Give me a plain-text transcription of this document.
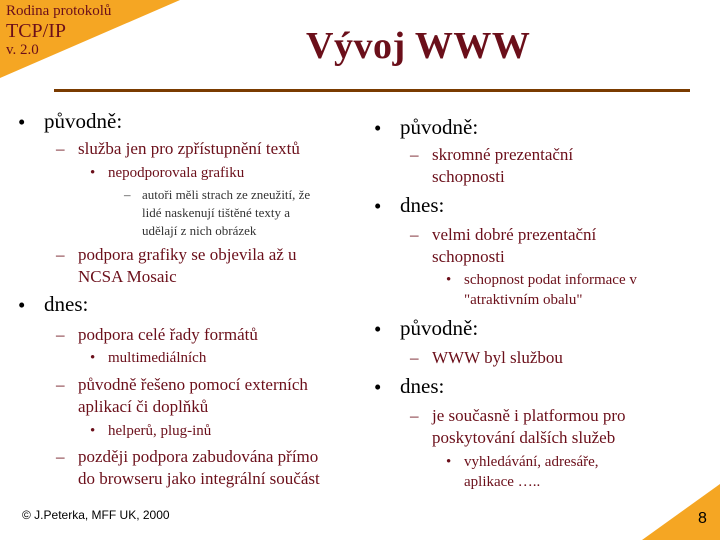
Rodina protokolů
TCP/IP
v. 2.0	Vývoj WWW
• původně:
– služba jen pro zpřístupnění textů
• nepodporovala grafiku
– autoři měli strach ze zneužití, že
lidé naskenují tištěné texty a
udělají z nich obrázek
– podpora grafiky se objevila až u
NCSA Mosaic
• dnes:
– podpora celé řady formátů
• multimediálních
– původně řešeno pomocí externích
aplikací či doplňků
• helperů, plug-inů
– později podpora zabudována přímo
do browseru jako integrální součást
• původně:
– skromné prezentační
schopnosti
• dnes:
– velmi dobré prezentační
schopnosti
• schopnost podat informace v
"atraktivním obalu"
• původně:
– WWW byl službou
• dnes:
– je současně i platformou pro
poskytování dalších služeb
• vyhledávání, adresáře,
aplikace …..
© J.Peterka, MFF UK, 2000	8
